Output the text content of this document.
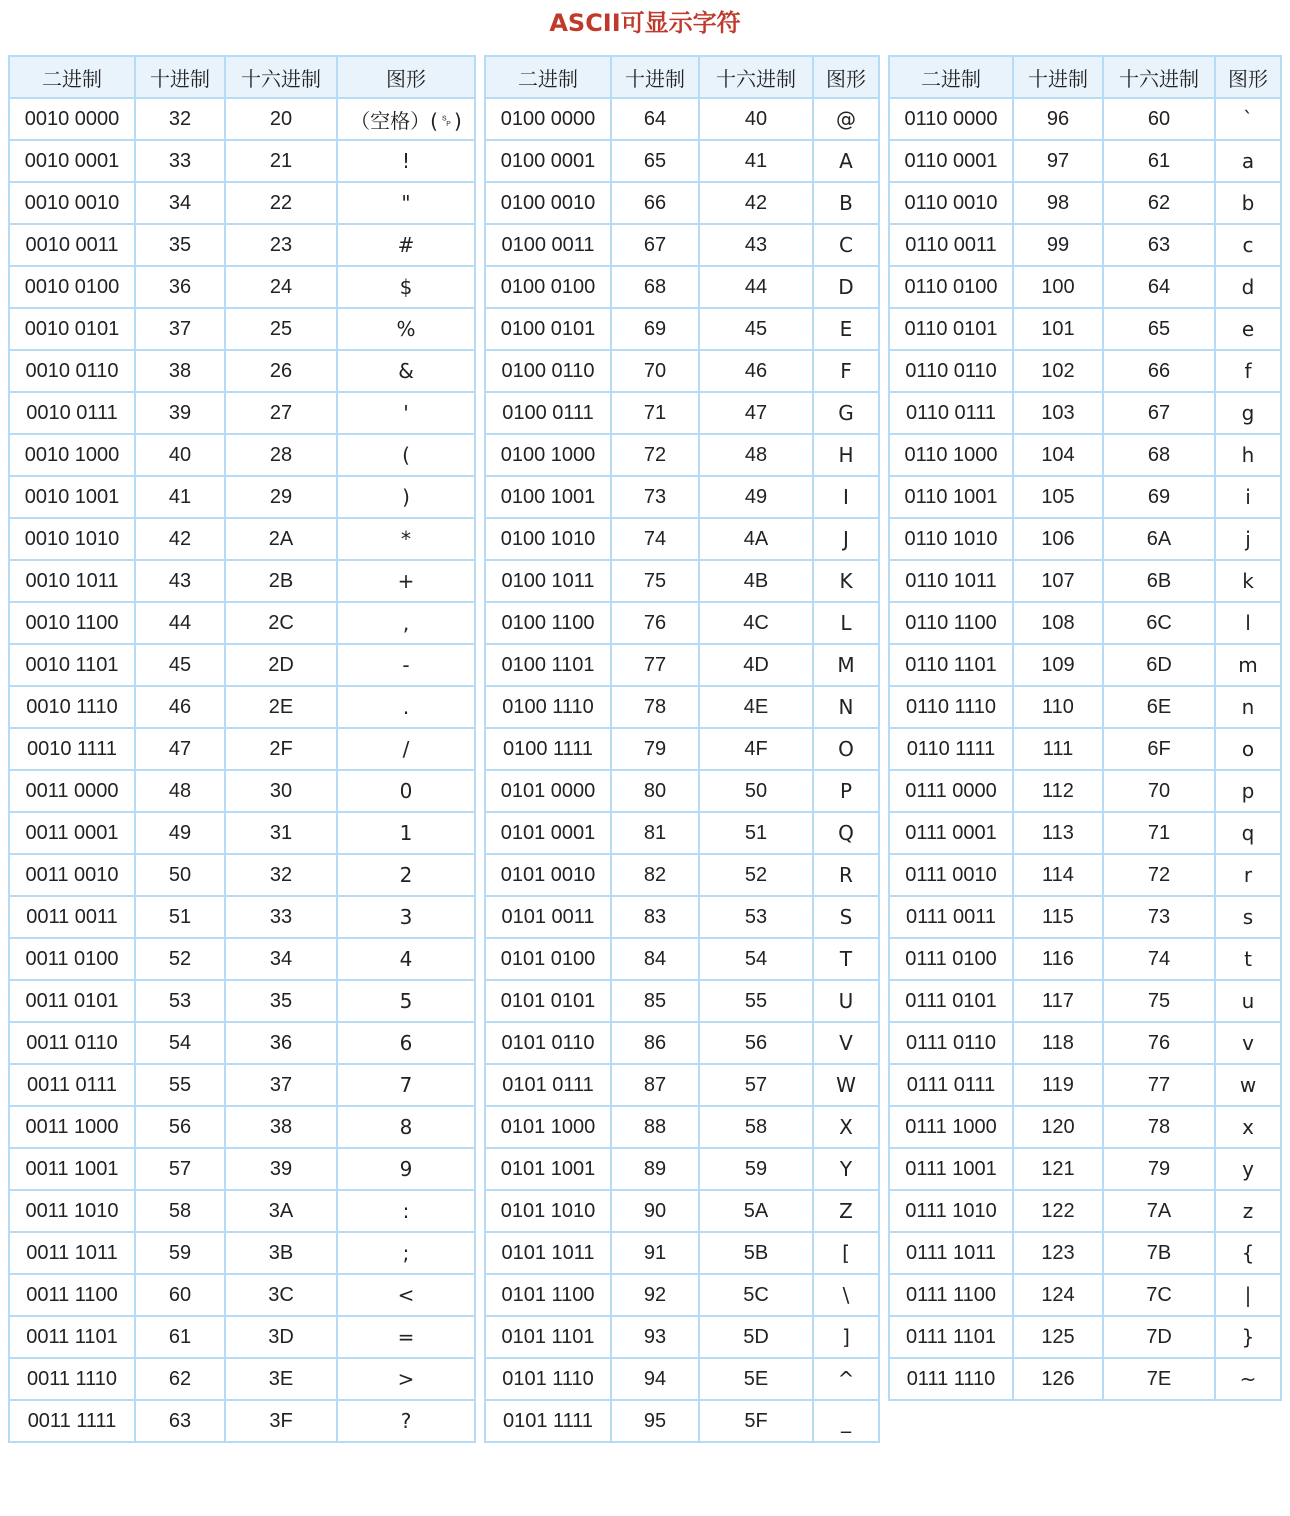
ASCII可显示字符
二进制	十进制	十六进制	图形
0010 0000	32	20	（空格）(␠)
0010 0001	33	21	!
0010 0010	34	22	"
0010 0011	35	23	#
0010 0100	36	24	$
0010 0101	37	25	%
0010 0110	38	26	&
0010 0111	39	27	'
0010 1000	40	28	(
0010 1001	41	29	)
0010 1010	42	2A	*
0010 1011	43	2B	+
0010 1100	44	2C	,
0010 1101	45	2D	-
0010 1110	46	2E	.
0010 1111	47	2F	/
0011 0000	48	30	0
0011 0001	49	31	1
0011 0010	50	32	2
0011 0011	51	33	3
0011 0100	52	34	4
0011 0101	53	35	5
0011 0110	54	36	6
0011 0111	55	37	7
0011 1000	56	38	8
0011 1001	57	39	9
0011 1010	58	3A	:
0011 1011	59	3B	;
0011 1100	60	3C	<
0011 1101	61	3D	=
0011 1110	62	3E	>
0011 1111	63	3F	?
二进制	十进制	十六进制	图形
0100 0000	64	40	@
0100 0001	65	41	A
0100 0010	66	42	B
0100 0011	67	43	C
0100 0100	68	44	D
0100 0101	69	45	E
0100 0110	70	46	F
0100 0111	71	47	G
0100 1000	72	48	H
0100 1001	73	49	I
0100 1010	74	4A	J
0100 1011	75	4B	K
0100 1100	76	4C	L
0100 1101	77	4D	M
0100 1110	78	4E	N
0100 1111	79	4F	O
0101 0000	80	50	P
0101 0001	81	51	Q
0101 0010	82	52	R
0101 0011	83	53	S
0101 0100	84	54	T
0101 0101	85	55	U
0101 0110	86	56	V
0101 0111	87	57	W
0101 1000	88	58	X
0101 1001	89	59	Y
0101 1010	90	5A	Z
0101 1011	91	5B	[
0101 1100	92	5C	\
0101 1101	93	5D	]
0101 1110	94	5E	^
0101 1111	95	5F	_
二进制	十进制	十六进制	图形
0110 0000	96	60	`
0110 0001	97	61	a
0110 0010	98	62	b
0110 0011	99	63	c
0110 0100	100	64	d
0110 0101	101	65	e
0110 0110	102	66	f
0110 0111	103	67	g
0110 1000	104	68	h
0110 1001	105	69	i
0110 1010	106	6A	j
0110 1011	107	6B	k
0110 1100	108	6C	l
0110 1101	109	6D	m
0110 1110	110	6E	n
0110 1111	111	6F	o
0111 0000	112	70	p
0111 0001	113	71	q
0111 0010	114	72	r
0111 0011	115	73	s
0111 0100	116	74	t
0111 0101	117	75	u
0111 0110	118	76	v
0111 0111	119	77	w
0111 1000	120	78	x
0111 1001	121	79	y
0111 1010	122	7A	z
0111 1011	123	7B	{
0111 1100	124	7C	|
0111 1101	125	7D	}
0111 1110	126	7E	~
